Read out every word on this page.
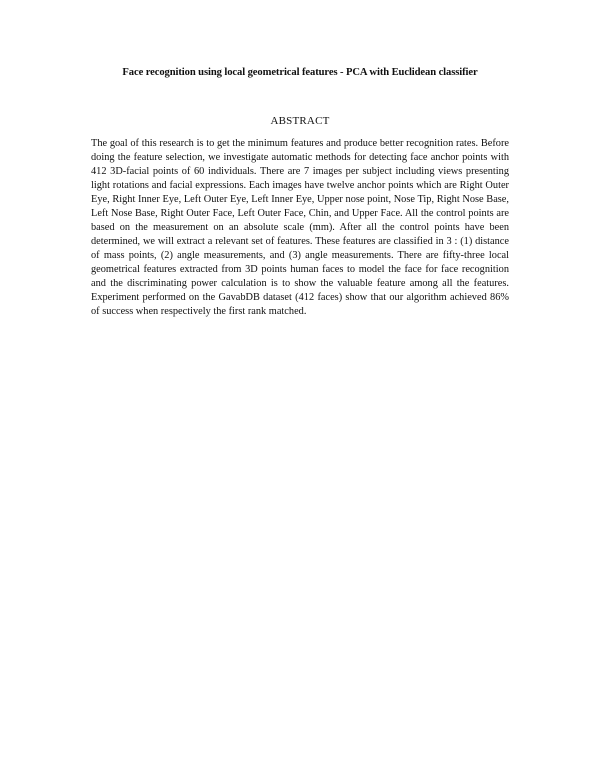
Face recognition using local geometrical features - PCA with Euclidean classifier
ABSTRACT
The goal of this research is to get the minimum features and produce better recognition rates. Before doing the feature selection, we investigate automatic methods for detecting face anchor points with 412 3D-facial points of 60 individuals. There are 7 images per subject including views presenting light rotations and facial expressions. Each images have twelve anchor points which are Right Outer Eye, Right Inner Eye, Left Outer Eye, Left Inner Eye, Upper nose point, Nose Tip, Right Nose Base, Left Nose Base, Right Outer Face, Left Outer Face, Chin, and Upper Face. All the control points are based on the measurement on an absolute scale (mm). After all the control points have been determined, we will extract a relevant set of features. These features are classified in 3 : (1) distance of mass points, (2) angle measurements, and (3) angle measurements. There are fifty-three local geometrical features extracted from 3D points human faces to model the face for face recognition and the discriminating power calculation is to show the valuable feature among all the features. Experiment performed on the GavabDB dataset (412 faces) show that our algorithm achieved 86% of success when respectively the first rank matched.
